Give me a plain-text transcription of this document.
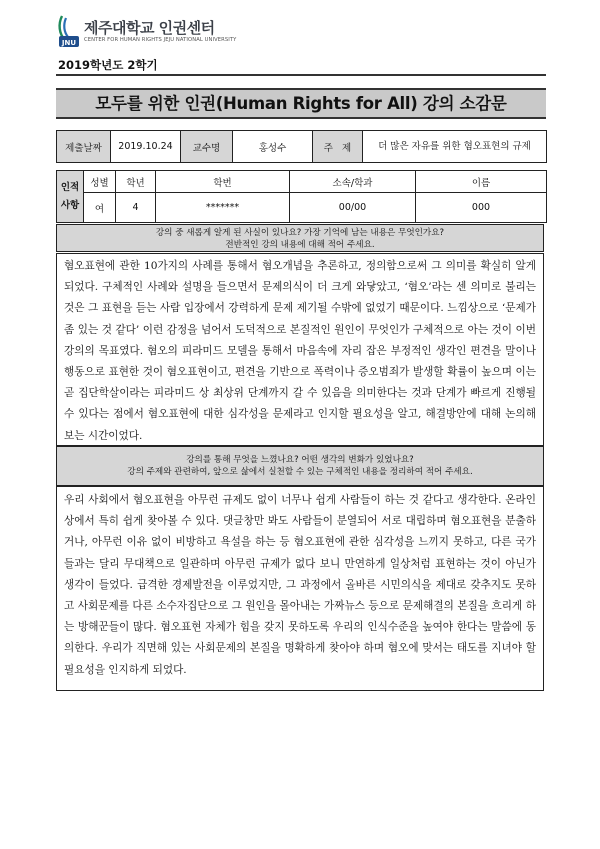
JNU
제주대학교 인권센터
CENTER FOR HUMAN RIGHTS JEJU NATIONAL UNIVERSITY
2019학년도 2학기
모두를 위한 인권(Human Rights for All) 강의 소감문
제출날짜	2019.10.24	교수명	홍성수	주   제	더 많은 자유를 위한 혐오표현의 규제
인적
사항	성별	학년	학번	소속/학과	이름
	여	4	*******	00/00	000
강의 중 새롭게 알게 된 사실이 있나요? 가장 기억에 남는 내용은 무엇인가요?
전반적인 강의 내용에 대해 적어 주세요.
혐오표현에 관한 10가지의 사례를 통해서 혐오개념을 추론하고, 정의함으로써 그 의미를 확실히 알게 되었다. 구체적인 사례와 설명을 들으면서 문제의식이 더 크게 와닿았고, ‘혐오’라는 센 의미로 불리는 것은 그 표현을 듣는 사람 입장에서 강력하게 문제 제기될 수밖에 없었기 때문이다. 느낌상으로 ‘문제가 좀 있는 것 같다’ 이런 감정을 넘어서 도덕적으로 본질적인 원인이 무엇인가 구체적으로 아는 것이 이번 강의의 목표였다. 혐오의 피라미드 모델을 통해서 마음속에 자리 잡은 부정적인 생각인 편견을 말이나 행동으로 표현한 것이 혐오표현이고, 편견을 기반으로 폭력이나 증오범죄가 발생할 확률이 높으며 이는 곧 집단학살이라는 피라미드 상 최상위 단계까지 갈 수 있음을 의미한다는 것과 단계가 빠르게 진행될 수 있다는 점에서 혐오표현에 대한 심각성을 문제라고 인지할 필요성을 알고, 해결방안에 대해 논의해보는 시간이었다.
강의를 통해 무엇을 느꼈나요? 어떤 생각의 변화가 있었나요?
강의 주제와 관련하여, 앞으로 삶에서 실천할 수 있는 구체적인 내용을 정리하여 적어 주세요.
우리 사회에서 혐오표현을 아무런 규제도 없이 너무나 쉽게 사람들이 하는 것 같다고 생각한다. 온라인상에서 특히 쉽게 찾아볼 수 있다. 댓글창만 봐도 사람들이 분열되어 서로 대립하며 혐오표현을 분출하거나, 아무런 이유 없이 비방하고 욕설을 하는 등 혐오표현에 관한 심각성을 느끼지 못하고, 다른 국가들과는 달리 무대책으로 일관하며 아무런 규제가 없다 보니 만연하게 일상처럼 표현하는 것이 아닌가 생각이 들었다. 급격한 경제발전을 이루었지만, 그 과정에서 올바른 시민의식을 제대로 갖추지도 못하고 사회문제를 다른 소수자집단으로 그 원인을 몰아내는 가짜뉴스 등으로 문제해결의 본질을 흐리게 하는 방해꾼들이 많다. 혐오표현 자체가 힘을 갖지 못하도록 우리의 인식수준을 높여야 한다는 말씀에 동의한다. 우리가 직면해 있는 사회문제의 본질을 명확하게 찾아야 하며 혐오에 맞서는 태도를 지녀야 할 필요성을 인지하게 되었다.
